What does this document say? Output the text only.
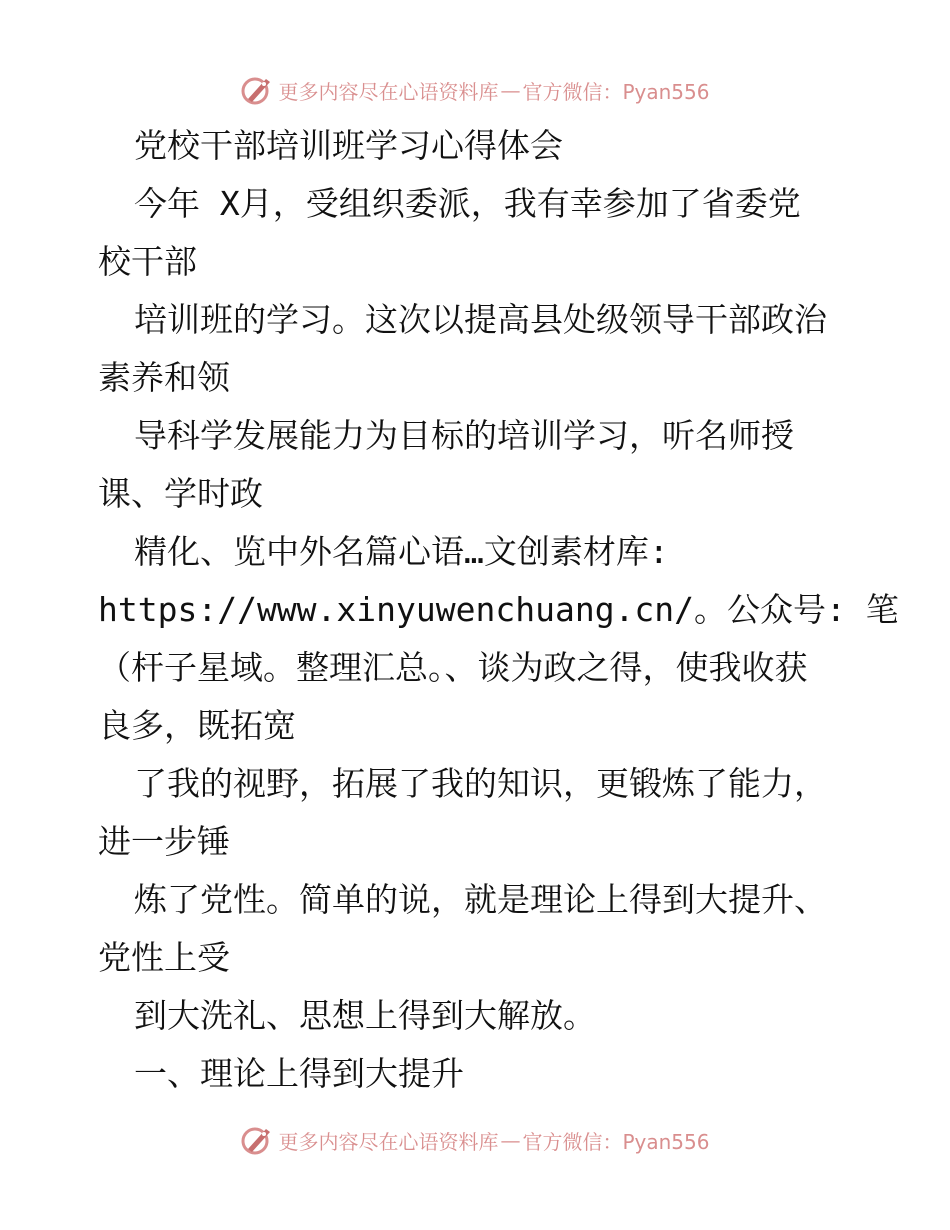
更多内容尽在心语资料库 — 官方微信：Pyan556
党校干部培训班学习心得体会
今年 X月，受组织委派，我有幸参加了省委党
校干部
培训班的学习。这次以提高县处级领导干部政治
素养和领
导科学发展能力为目标的培训学习，听名师授
课、学时政
精化、览中外名篇心语…文创素材库:
https://www.xinyuwenchuang.cn/。公众号: 笔
（杆子星域。整理汇总。、谈为政之得，使我收获
良多，既拓宽
了我的视野，拓展了我的知识，更锻炼了能力，
进一步锤
炼了党性。简单的说，就是理论上得到大提升、
党性上受
到大洗礼、思想上得到大解放。
一、理论上得到大提升
更多内容尽在心语资料库 — 官方微信：Pyan556
